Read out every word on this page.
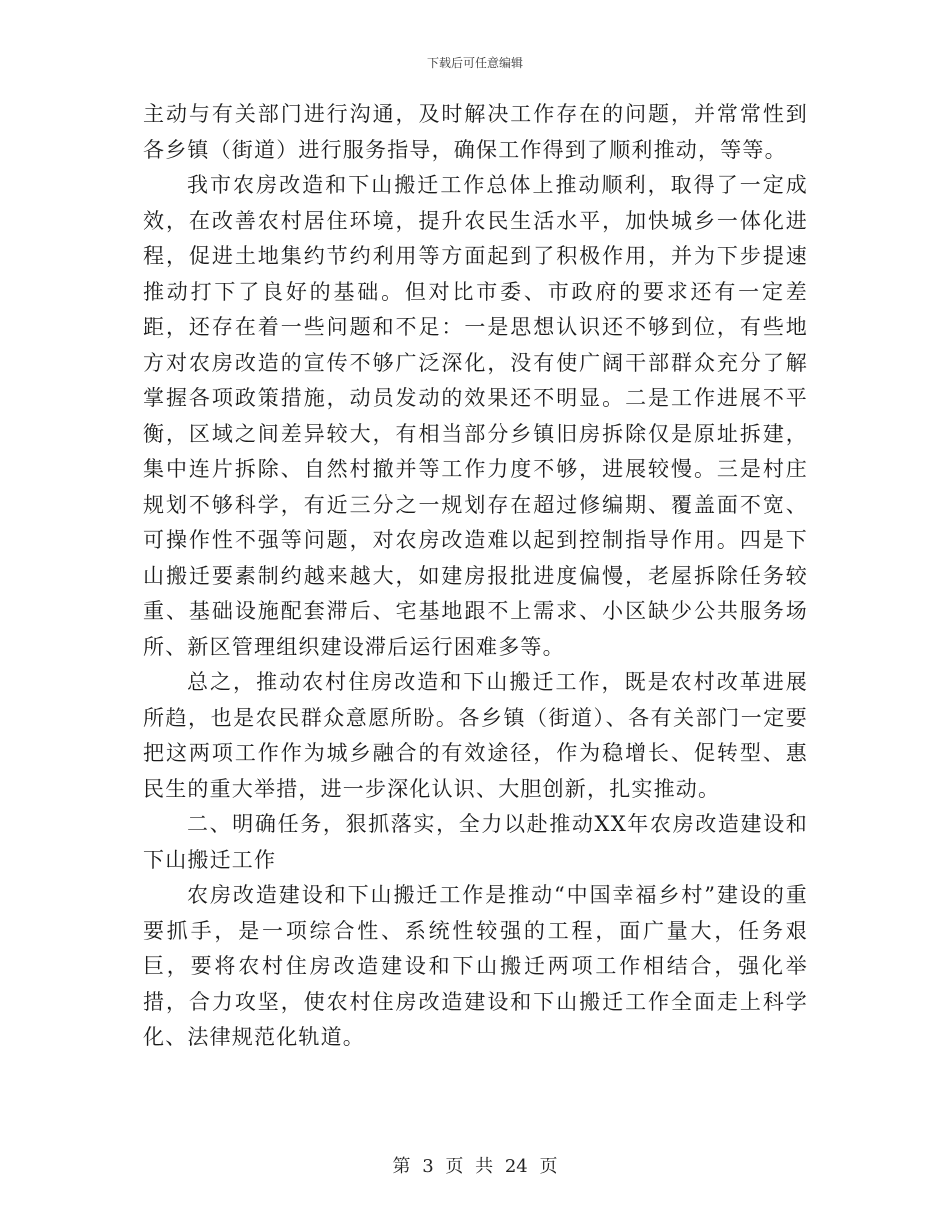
下载后可任意编辑

主动与有关部门进行沟通，及时解决工作存在的问题，并常常性到各乡镇（街道）进行服务指导，确保工作得到了顺利推动，等等。

我市农房改造和下山搬迁工作总体上推动顺利，取得了一定成效，在改善农村居住环境，提升农民生活水平，加快城乡一体化进程，促进土地集约节约利用等方面起到了积极作用，并为下步提速推动打下了良好的基础。但对比市委、市政府的要求还有一定差距，还存在着一些问题和不足：一是思想认识还不够到位，有些地方对农房改造的宣传不够广泛深化，没有使广阔干部群众充分了解掌握各项政策措施，动员发动的效果还不明显。二是工作进展不平衡，区域之间差异较大，有相当部分乡镇旧房拆除仅是原址拆建，集中连片拆除、自然村撤并等工作力度不够，进展较慢。三是村庄规划不够科学，有近三分之一规划存在超过修编期、覆盖面不宽、可操作性不强等问题，对农房改造难以起到控制指导作用。四是下山搬迁要素制约越来越大，如建房报批进度偏慢，老屋拆除任务较重、基础设施配套滞后、宅基地跟不上需求、小区缺少公共服务场所、新区管理组织建设滞后运行困难多等。

总之，推动农村住房改造和下山搬迁工作，既是农村改革进展所趋，也是农民群众意愿所盼。各乡镇（街道）、各有关部门一定要把这两项工作作为城乡融合的有效途径，作为稳增长、促转型、惠民生的重大举措，进一步深化认识、大胆创新，扎实推动。

二、明确任务，狠抓落实，全力以赴推动XX年农房改造建设和下山搬迁工作

农房改造建设和下山搬迁工作是推动“中国幸福乡村”建设的重要抓手，是一项综合性、系统性较强的工程，面广量大，任务艰巨，要将农村住房改造建设和下山搬迁两项工作相结合，强化举措，合力攻坚，使农村住房改造建设和下山搬迁工作全面走上科学化、法律规范化轨道。

第 3 页 共 24 页
